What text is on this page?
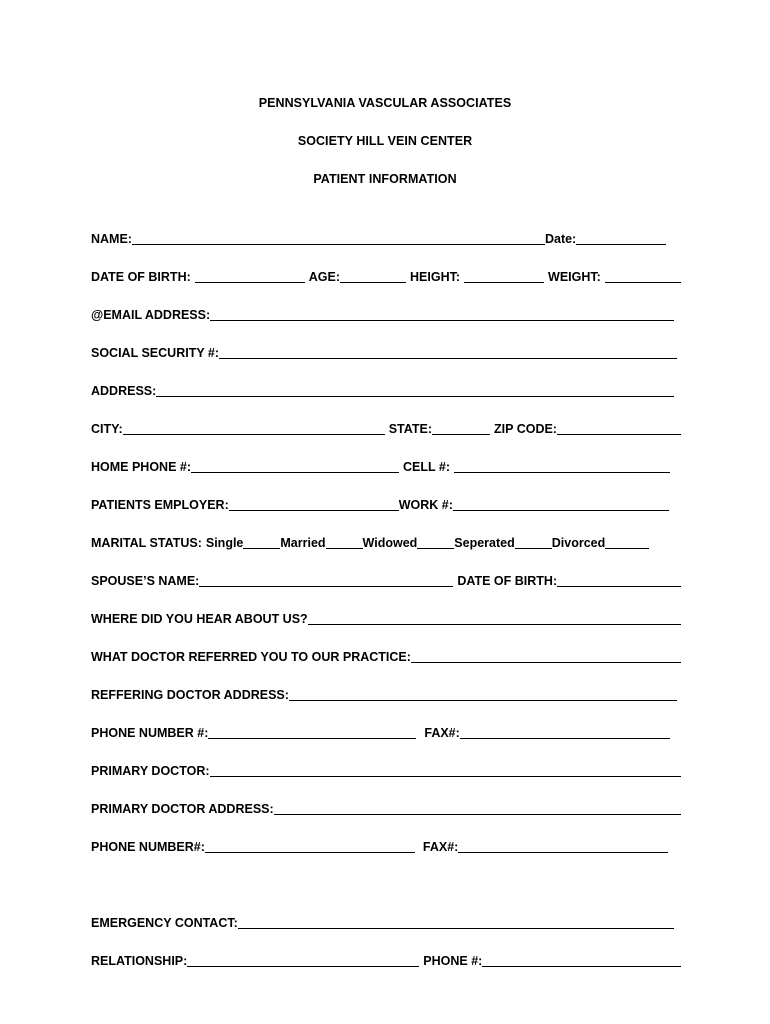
PENNSYLVANIA VASCULAR ASSOCIATES
SOCIETY HILL VEIN CENTER
PATIENT INFORMATION
NAME:	Date:
DATE OF BIRTH:	AGE:	HEIGHT:	WEIGHT:
@EMAIL ADDRESS:
SOCIAL SECURITY #:
ADDRESS:
CITY:	STATE:	ZIP CODE:
HOME PHONE #:	CELL #:
PATIENTS EMPLOYER:	WORK #:
MARITAL STATUS: Single	Married	Widowed	Seperated	Divorced
SPOUSE’S NAME:	DATE OF BIRTH:
WHERE DID YOU HEAR ABOUT US?
WHAT DOCTOR REFERRED YOU TO OUR PRACTICE:
REFFERING DOCTOR ADDRESS:
PHONE NUMBER #:	FAX#:
PRIMARY DOCTOR:
PRIMARY DOCTOR ADDRESS:
PHONE NUMBER#:	FAX#:
EMERGENCY CONTACT:
RELATIONSHIP:	PHONE #:
